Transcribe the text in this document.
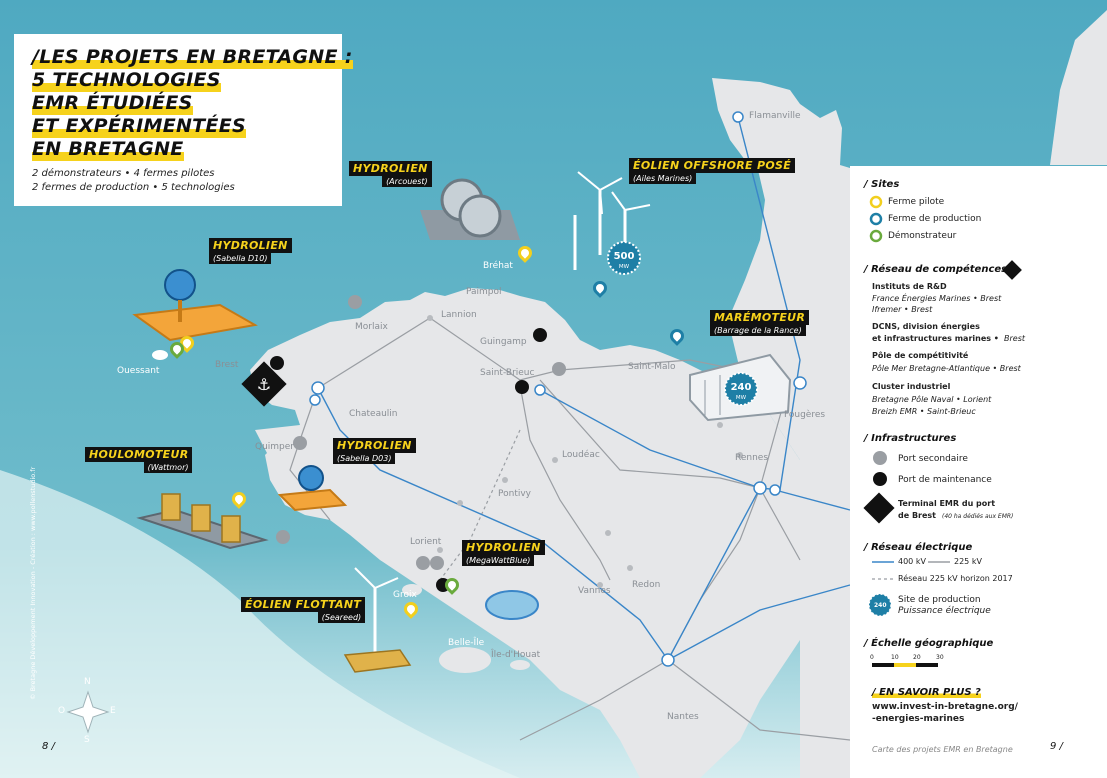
⚓
500
MW
240
MW
/LES PROJETS EN BRETAGNE :
5 TECHNOLOGIES
EMR ÉTUDIÉES
ET EXPÉRIMENTÉES
EN BRETAGNE
2 démonstrateurs • 4 fermes pilotes
2 fermes de production • 5 technologies
HYDROLIEN
(Arcouest)
ÉOLIEN OFFSHORE POSÉ
(Ailes Marines)
HYDROLIEN
(Sabella D10)
MARÉMOTEUR
(Barrage de la Rance)
HOULOMOTEUR
(Wattmor)
HYDROLIEN
(Sabella D03)
HYDROLIEN
(MegaWattBlue)
ÉOLIEN FLOTTANT
(Seareed)
Flamanville
Bréhat
Paimpol
Lannion
Morlaix
Guingamp
Brest
Ouessant	Saint-Brieuc
Saint-Malo
Fougères
Chateaulin
Quimper
Loudéac	Rennes
Pontivy
Lorient
Groix	Vannes
Redon
Belle-Île
Île-d'Houat
Nantes
/ Sites
Ferme pilote
Ferme de production
Démonstrateur
/ Réseau de compétences
Instituts de R&D
France Énergies Marines • Brest
Ifremer • Brest
DCNS, division énergies
et infrastructures marines • Brest
Pôle de compétitivité
Pôle Mer Bretagne-Atlantique • Brest
Cluster industriel
Bretagne Pôle Naval • Lorient
Breizh EMR • Saint-Brieuc
/ Infrastructures
Port secondaire
Port de maintenance
Terminal EMR du port
de Brest (40 ha dédiés aux EMR)
/ Réseau électrique
400 kV	225 kV
Réseau 225 kV horizon 2017
240
Site de production
Puissance électrique
/ Échelle géographique
0	10 20	30
www.invest-in-bretagne.org/
-energies-marines
/ EN SAVOIR PLUS ?
Carte des projets EMR en Bretagne
8 /	9 /
© Bretagne Développement Innovation - Création : www.pollenstudio.fr	N
S
E
O
